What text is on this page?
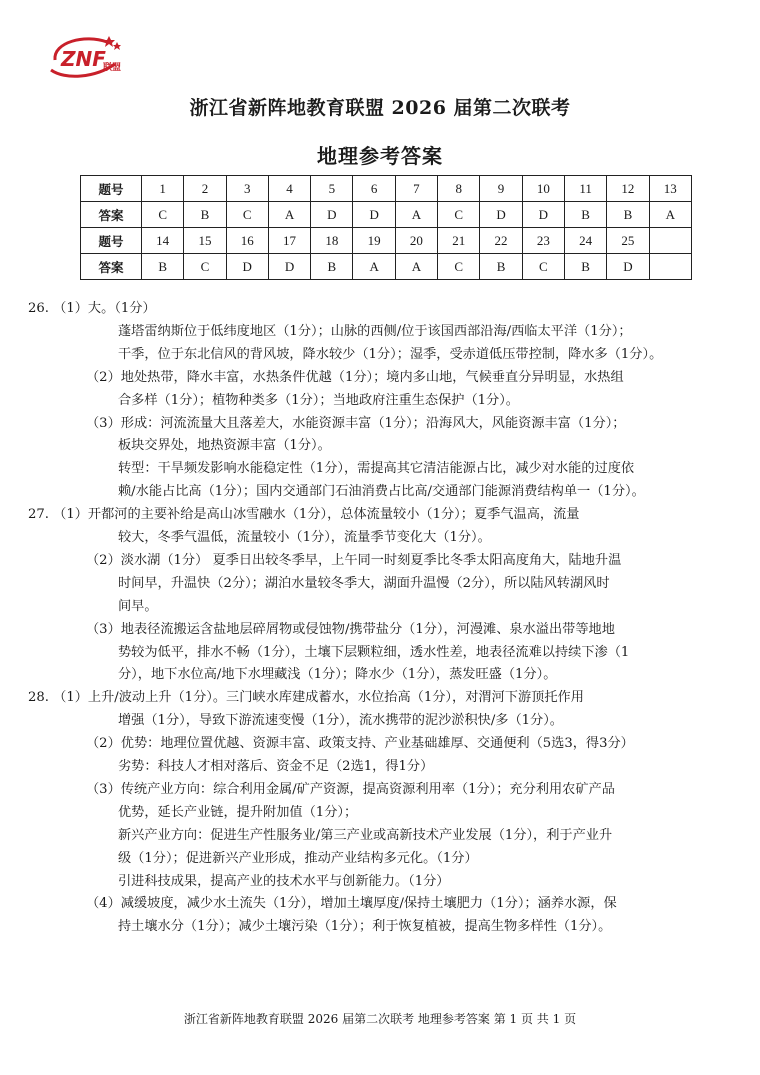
ZNF
联盟
浙江省新阵地教育联盟 2026 届第二次联考
地理参考答案
题号	1	2	3	4	5	6	7	8	9	10	11	12	13
答案	C	B	C	A	D	D	A	C	D	D	B	B	A
题号	14	15	16	17	18	19	20	21	22	23	24	25	
答案	B	C	D	D	B	A	A	C	B	C	B	D	
26. （1）大。（1分）
蓬塔雷纳斯位于低纬度地区（1分）；山脉的西侧/位于该国西部沿海/西临太平洋（1分）；
干季，位于东北信风的背风坡，降水较少（1分）；湿季，受赤道低压带控制，降水多（1分）。
（2）地处热带，降水丰富，水热条件优越（1分）；境内多山地，气候垂直分异明显，水热组
合多样（1分）；植物种类多（1分）；当地政府注重生态保护（1分）。
（3）形成：河流流量大且落差大，水能资源丰富（1分）；沿海风大，风能资源丰富（1分）；
板块交界处，地热资源丰富（1分）。
转型：干旱频发影响水能稳定性（1分），需提高其它清洁能源占比，减少对水能的过度依
赖/水能占比高（1分）；国内交通部门石油消费占比高/交通部门能源消费结构单一（1分）。
27. （1）开都河的主要补给是高山冰雪融水（1分），总体流量较小（1分）；夏季气温高，流量
较大，冬季气温低，流量较小（1分），流量季节变化大（1分）。
（2）淡水湖（1分） 夏季日出较冬季早，上午同一时刻夏季比冬季太阳高度角大，陆地升温
时间早，升温快（2分）；湖泊水量较冬季大，湖面升温慢（2分），所以陆风转湖风时
间早。
（3）地表径流搬运含盐地层碎屑物或侵蚀物/携带盐分（1分），河漫滩、泉水溢出带等地地
势较为低平，排水不畅（1分），土壤下层颗粒细，透水性差，地表径流难以持续下渗（1
分），地下水位高/地下水埋藏浅（1分）；降水少（1分），蒸发旺盛（1分）。
28. （1）上升/波动上升（1分）。三门峡水库建成蓄水，水位抬高（1分），对渭河下游顶托作用
增强（1分），导致下游流速变慢（1分），流水携带的泥沙淤积快/多（1分）。
（2）优势：地理位置优越、资源丰富、政策支持、产业基础雄厚、交通便利（5选3，得3分）
劣势：科技人才相对落后、资金不足（2选1，得1分）
（3）传统产业方向：综合利用金属/矿产资源，提高资源利用率（1分）；充分利用农矿产品
优势，延长产业链，提升附加值（1分）；
新兴产业方向：促进生产性服务业/第三产业或高新技术产业发展（1分），利于产业升
级（1分）；促进新兴产业形成，推动产业结构多元化。（1分）
引进科技成果，提高产业的技术水平与创新能力。（1分）
（4）减缓坡度，减少水土流失（1分），增加土壤厚度/保持土壤肥力（1分）；涵养水源，保
持土壤水分（1分）；减少土壤污染（1分）；利于恢复植被，提高生物多样性（1分）。
浙江省新阵地教育联盟 2026 届第二次联考 地理参考答案 第 1 页 共 1 页
